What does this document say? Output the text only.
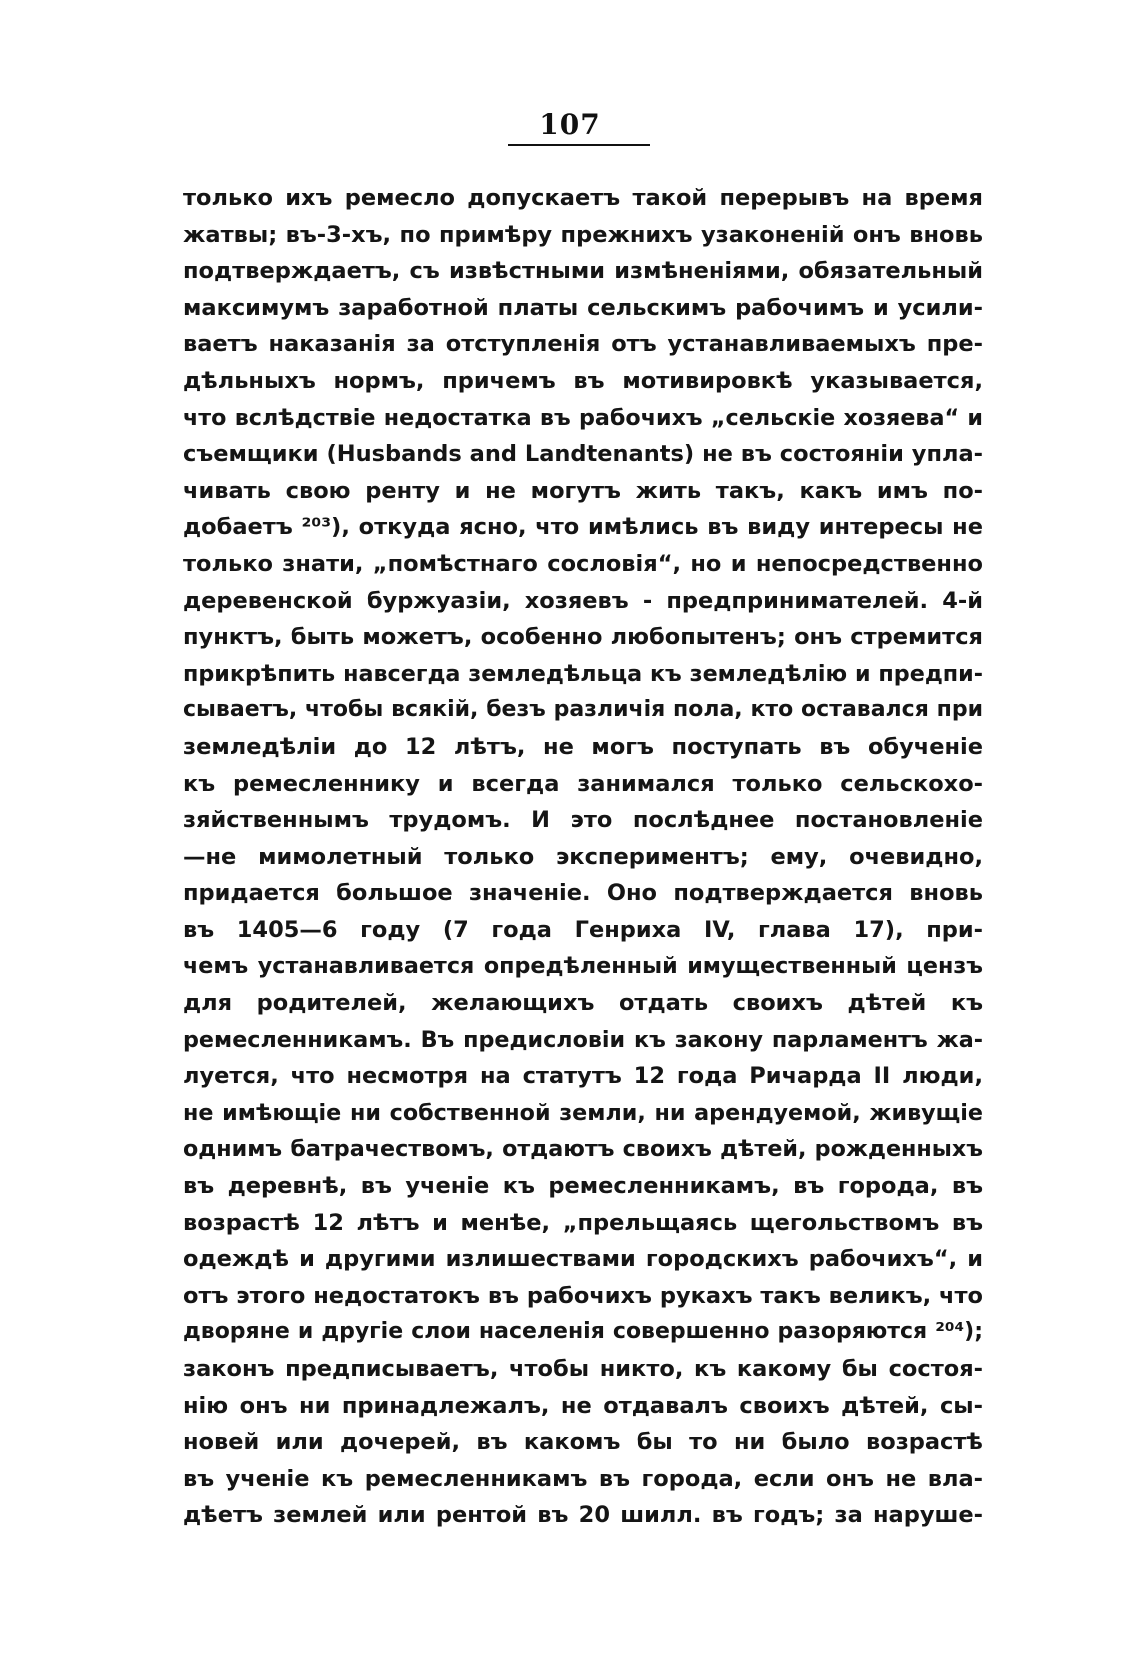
107
только ихъ ремесло допускаетъ такой перерывъ на время
жатвы; въ-3-хъ, по примѣру прежнихъ узаконеній онъ вновь
подтверждаетъ, съ извѣстными измѣненіями, обязательный
максимумъ заработной платы сельскимъ рабочимъ и усили-
ваетъ наказанія за отступленія отъ устанавливаемыхъ пре-
дѣльныхъ нормъ, причемъ въ мотивировкѣ указывается,
что вслѣдствіе недостатка въ рабочихъ „сельскіе хозяева“ и
съемщики (Husbands and Landtenants) не въ состояніи упла-
чивать свою ренту и не могутъ жить такъ, какъ имъ по-
добаетъ ²⁰³), откуда ясно, что имѣлись въ виду интересы не
только знати, „помѣстнаго сословія“, но и непосредственно
деревенской буржуазіи, хозяевъ - предпринимателей. 4-й
пунктъ, быть можетъ, особенно любопытенъ; онъ стремится
прикрѣпить навсегда земледѣльца къ земледѣлію и предпи-
сываетъ, чтобы всякій, безъ различія пола, кто оставался при
земледѣліи до 12 лѣтъ, не могъ поступать въ обученіе
къ ремесленнику и всегда занимался только сельскохо-
зяйственнымъ трудомъ. И это послѣднее постановленіе
—не мимолетный только экспериментъ; ему, очевидно,
придается большое значеніе. Оно подтверждается вновь
въ 1405—6 году (7 года Генриха IV, глава 17), при-
чемъ устанавливается опредѣленный имущественный цензъ
для родителей, желающихъ отдать своихъ дѣтей къ
ремесленникамъ. Въ предисловіи къ закону парламентъ жа-
луется, что несмотря на статутъ 12 года Ричарда II люди,
не имѣющіе ни собственной земли, ни арендуемой, живущіе
однимъ батрачествомъ, отдаютъ своихъ дѣтей, рожденныхъ
въ деревнѣ, въ ученіе къ ремесленникамъ, въ города, въ
возрастѣ 12 лѣтъ и менѣе, „прельщаясь щегольствомъ въ
одеждѣ и другими излишествами городскихъ рабочихъ“, и
отъ этого недостатокъ въ рабочихъ рукахъ такъ великъ, что
дворяне и другіе слои населенія совершенно разоряются ²⁰⁴);
законъ предписываетъ, чтобы никто, къ какому бы состоя-
нію онъ ни принадлежалъ, не отдавалъ своихъ дѣтей, сы-
новей или дочерей, въ какомъ бы то ни было возрастѣ
въ ученіе къ ремесленникамъ въ города, если онъ не вла-
дѣетъ землей или рентой въ 20 шилл. въ годъ; за наруше-
